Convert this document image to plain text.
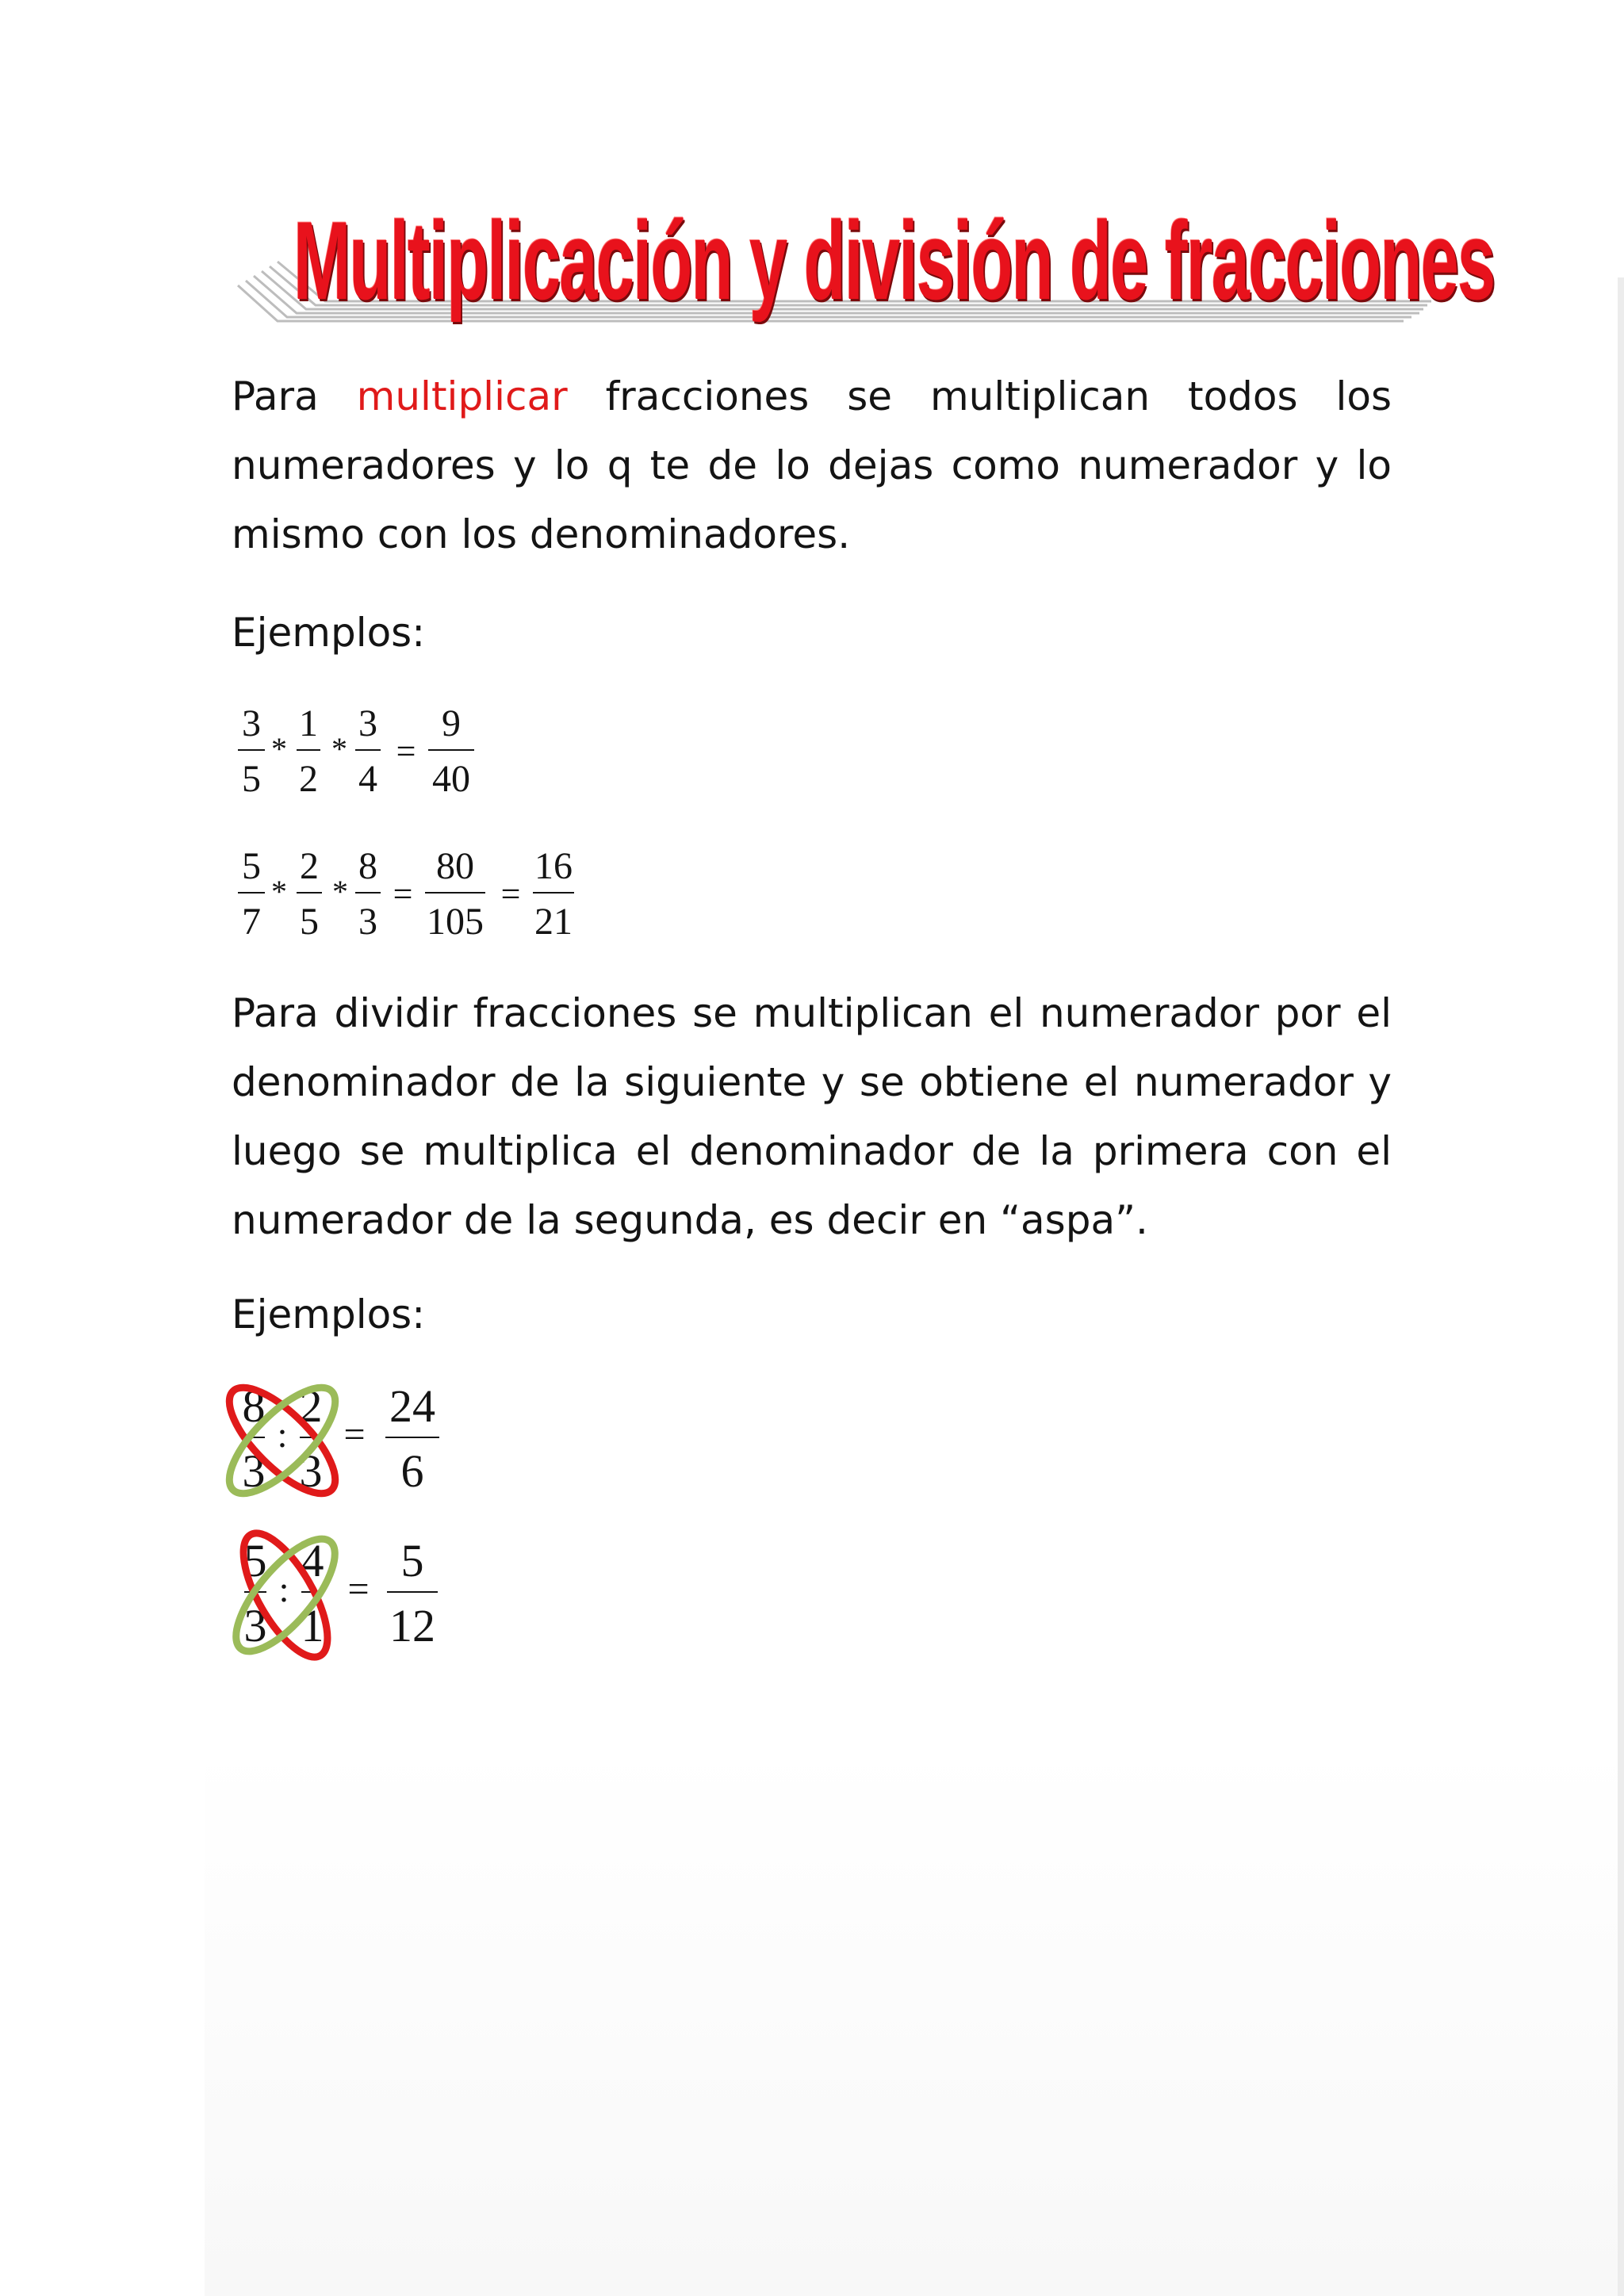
Multiplicación y división de fracciones

Para multiplicar fracciones se multiplican todos los numeradores y lo q te de lo dejas como numerador y lo mismo con los denominadores.

Ejemplos:

3
5
*
1
2
*
3
4
=
9
40
5
7
*
2
5
*
8
3
=
80
105
=
16
21

Para dividir fracciones se multiplican el numerador por el denominador de la siguiente y se obtiene el numerador y luego se multiplica el denominador de la primera con el numerador de la segunda, es decir en “aspa”.

Ejemplos:

8
3
:
2
3
=
24
6
5
3
:
4
1
=
5
12
